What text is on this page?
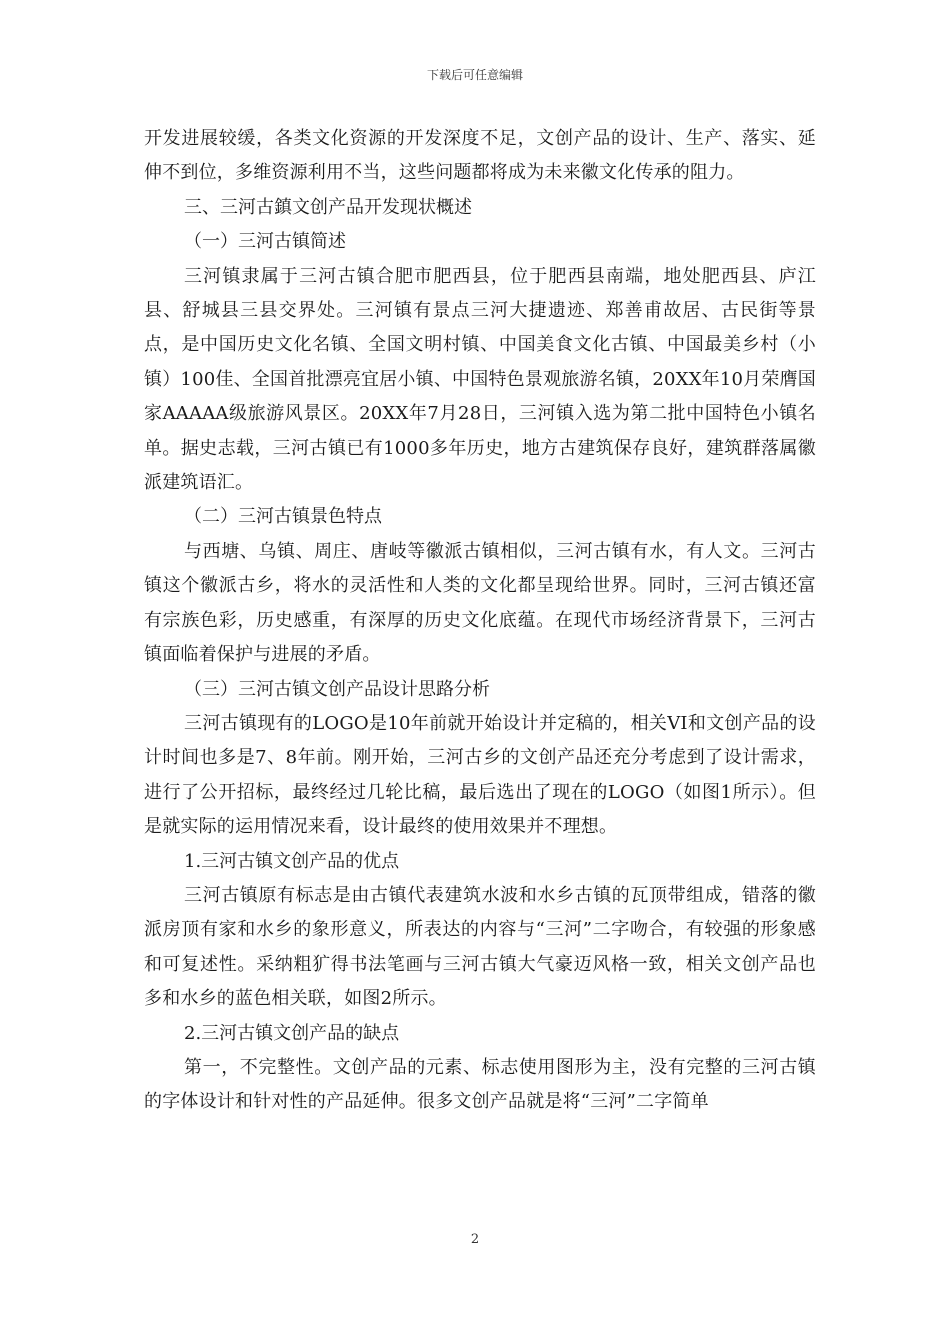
下载后可任意编辑

开发进展较缓，各类文化资源的开发深度不足，文创产品的设计、生产、落实、延伸不到位，多维资源利用不当，这些问题都将成为未来徽文化传承的阻力。

三、三河古鎮文创产品开发现状概述

（一）三河古镇简述

三河镇隶属于三河古镇合肥市肥西县，位于肥西县南端，地处肥西县、庐江县、舒城县三县交界处。三河镇有景点三河大捷遗迹、郑善甫故居、古民街等景点，是中国历史文化名镇、全国文明村镇、中国美食文化古镇、中国最美乡村（小镇）100佳、全国首批漂亮宜居小镇、中国特色景观旅游名镇，20XX年10月荣膺国家AAAAA级旅游风景区。20XX年7月28日，三河镇入选为第二批中国特色小镇名单。据史志载，三河古镇已有1000多年历史，地方古建筑保存良好，建筑群落属徽派建筑语汇。

（二）三河古镇景色特点

与西塘、乌镇、周庄、唐岐等徽派古镇相似，三河古镇有水，有人文。三河古镇这个徽派古乡，将水的灵活性和人类的文化都呈现给世界。同时，三河古镇还富有宗族色彩，历史感重，有深厚的历史文化底蕴。在现代市场经济背景下，三河古镇面临着保护与进展的矛盾。

（三）三河古镇文创产品设计思路分析

三河古镇现有的LOGO是10年前就开始设计并定稿的，相关VI和文创产品的设计时间也多是7、8年前。刚开始，三河古乡的文创产品还充分考虑到了设计需求，进行了公开招标，最终经过几轮比稿，最后选出了现在的LOGO（如图1所示）。但是就实际的运用情况来看，设计最终的使用效果并不理想。

1.三河古镇文创产品的优点

三河古镇原有标志是由古镇代表建筑水波和水乡古镇的瓦顶带组成，错落的徽派房顶有家和水乡的象形意义，所表达的内容与“三河”二字吻合，有较强的形象感和可复述性。采纳粗犷得书法笔画与三河古镇大气豪迈风格一致，相关文创产品也多和水乡的蓝色相关联，如图2所示。

2.三河古镇文创产品的缺点

第一，不完整性。文创产品的元素、标志使用图形为主，没有完整的三河古镇的字体设计和针对性的产品延伸。很多文创产品就是将“三河”二字简单

2
